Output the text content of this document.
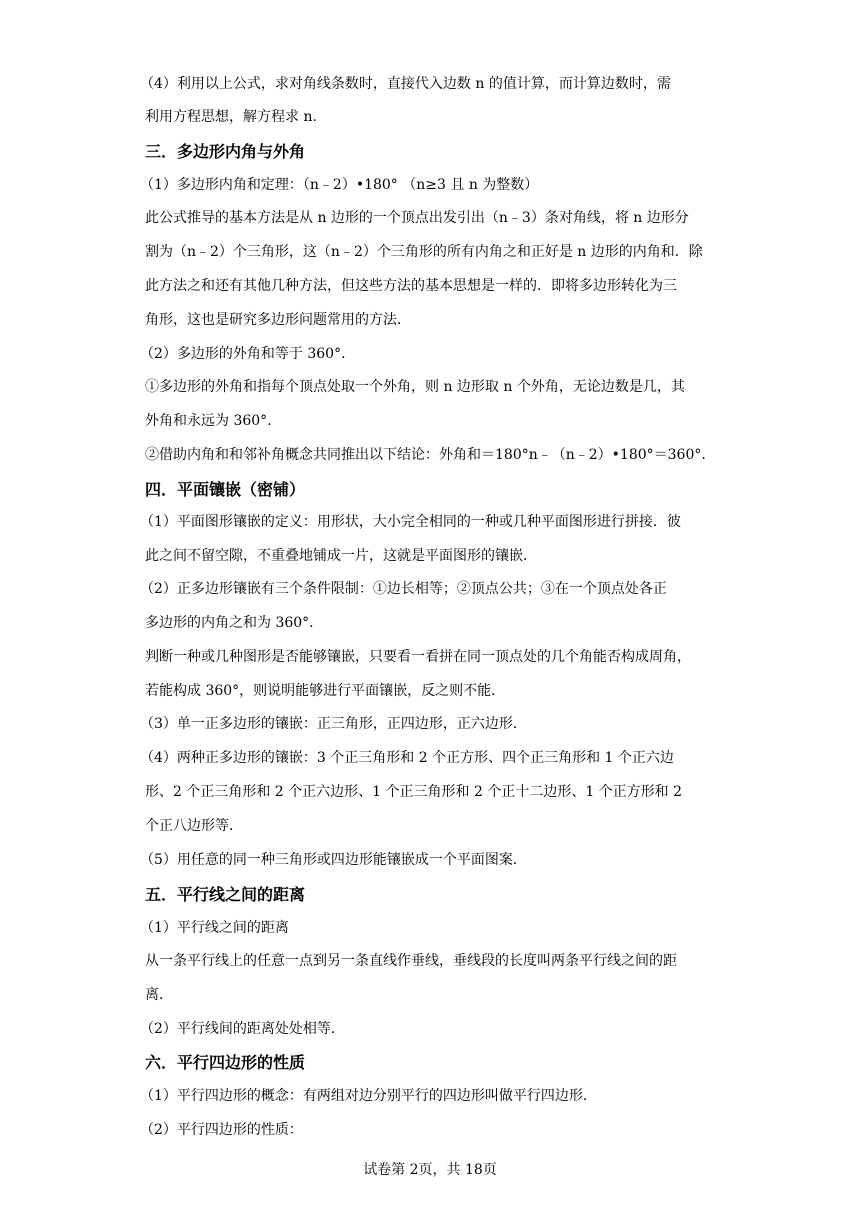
（4）利用以上公式，求对角线条数时，直接代入边数 n 的值计算，而计算边数时，需
利用方程思想，解方程求 n.
三．多边形内角与外角
（1）多边形内角和定理：（n﹣2）•180° （n≥3 且 n 为整数）
此公式推导的基本方法是从 n 边形的一个顶点出发引出（n﹣3）条对角线，将 n 边形分
割为（n﹣2）个三角形，这（n﹣2）个三角形的所有内角之和正好是 n 边形的内角和．除
此方法之和还有其他几种方法，但这些方法的基本思想是一样的．即将多边形转化为三
角形，这也是研究多边形问题常用的方法．
（2）多边形的外角和等于 360°.
①多边形的外角和指每个顶点处取一个外角，则 n 边形取 n 个外角，无论边数是几，其
外角和永远为 360°.
②借助内角和和邻补角概念共同推出以下结论：外角和＝180°n﹣（n﹣2）•180°＝360°.
四．平面镶嵌（密铺）
（1）平面图形镶嵌的定义：用形状，大小完全相同的一种或几种平面图形进行拼接．彼
此之间不留空隙，不重叠地铺成一片，这就是平面图形的镶嵌．
（2）正多边形镶嵌有三个条件限制：①边长相等；②顶点公共；③在一个顶点处各正
多边形的内角之和为 360°.
判断一种或几种图形是否能够镶嵌，只要看一看拼在同一顶点处的几个角能否构成周角，
若能构成 360°，则说明能够进行平面镶嵌，反之则不能．
（3）单一正多边形的镶嵌：正三角形，正四边形，正六边形．
（4）两种正多边形的镶嵌：3 个正三角形和 2 个正方形、四个正三角形和 1 个正六边
形、2 个正三角形和 2 个正六边形、1 个正三角形和 2 个正十二边形、1 个正方形和 2
个正八边形等．
（5）用任意的同一种三角形或四边形能镶嵌成一个平面图案．
五．平行线之间的距离
（1）平行线之间的距离
从一条平行线上的任意一点到另一条直线作垂线，垂线段的长度叫两条平行线之间的距
离．
（2）平行线间的距离处处相等．
六．平行四边形的性质
（1）平行四边形的概念：有两组对边分别平行的四边形叫做平行四边形．
（2）平行四边形的性质：
试卷第 2页，共 18页
